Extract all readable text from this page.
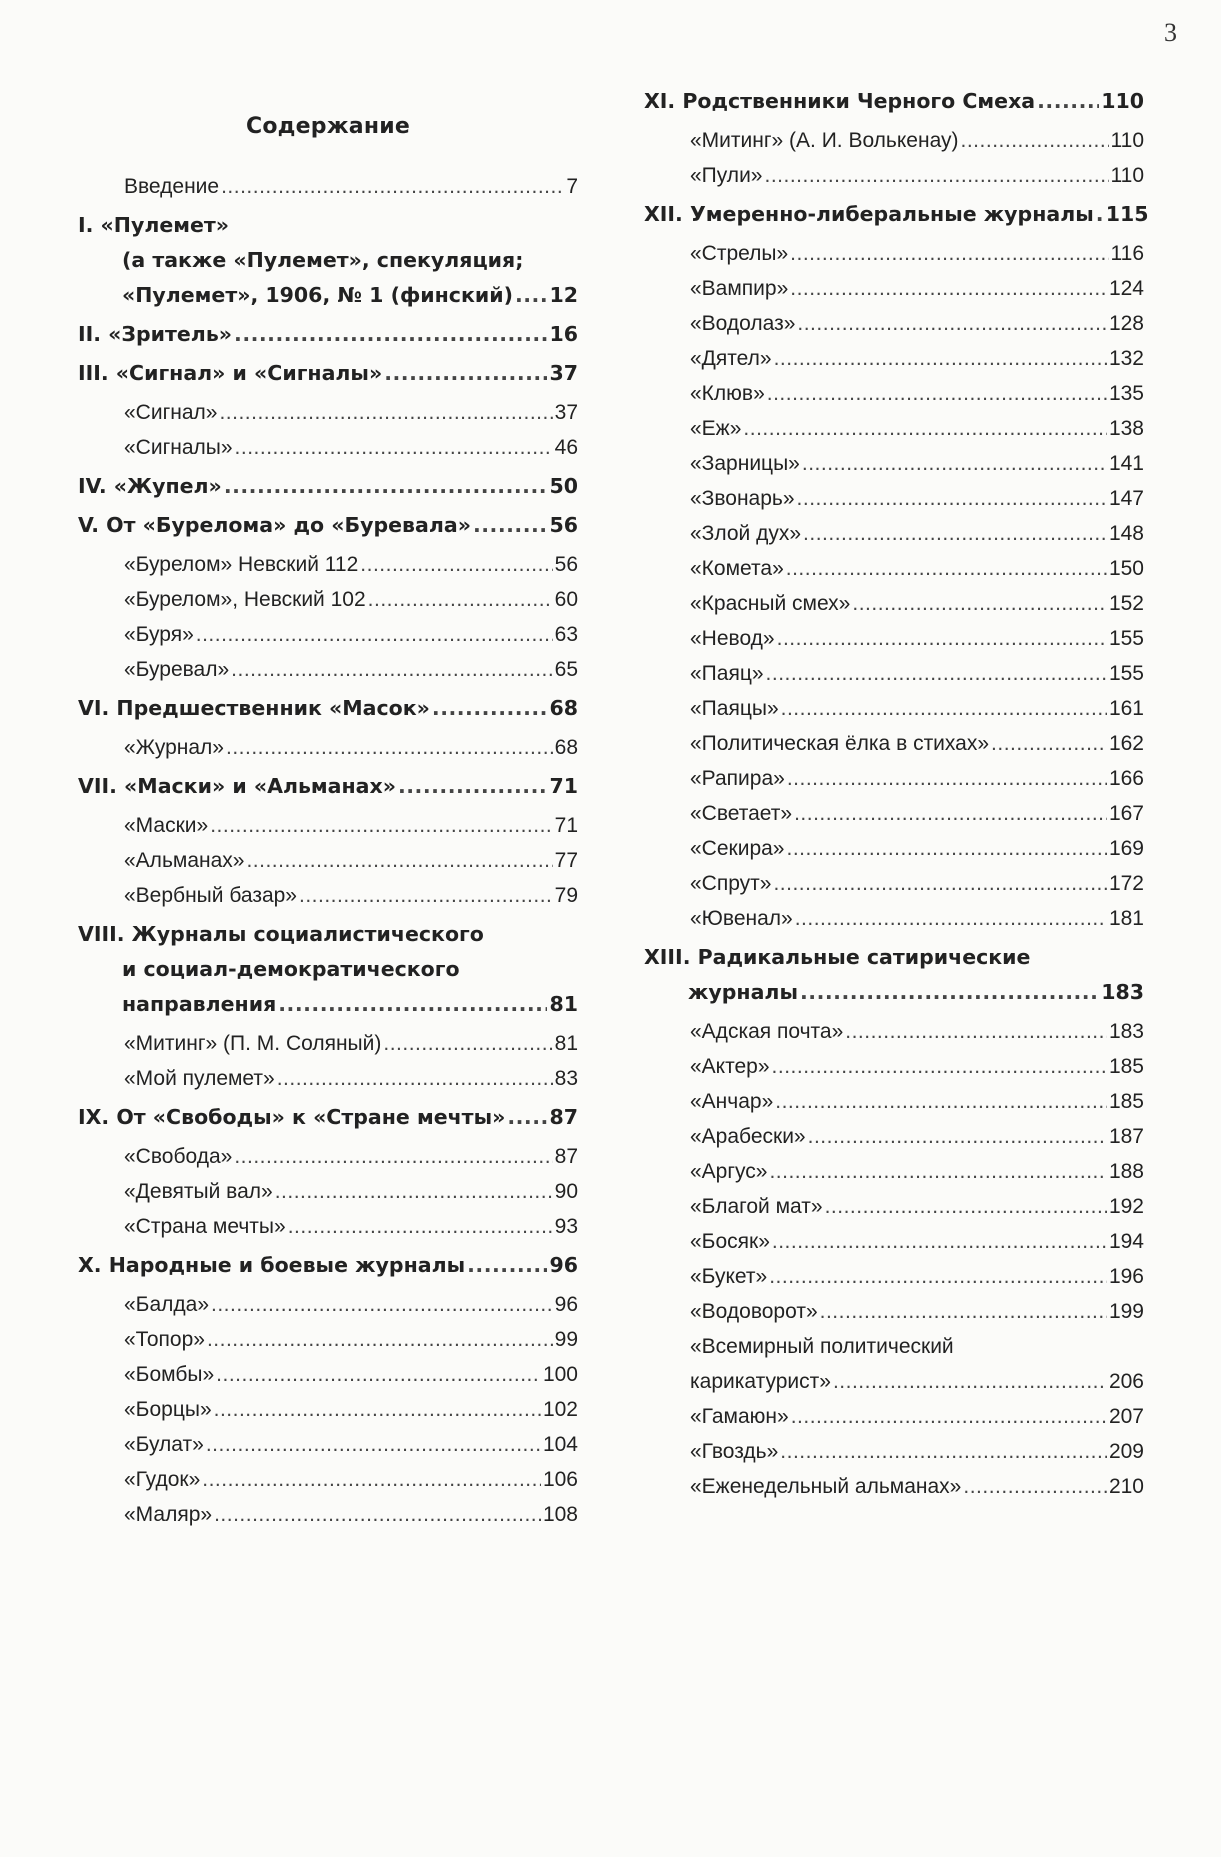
3
Содержание
Введение .....	7
I. «Пулемет»
(а также «Пулемет», спекуляция;
«Пулемет», 1906, № 1 (финский) ..... 12
II. «Зритель» .....	16
III. «Сигнал» и «Сигналы» .....	37
«Сигнал» .....	37
«Сигналы» .....	46
IV. «Жупел» .....	50
V. От «Бурелома» до «Буревала» .....	56
«Бурелом» Невский 112 .....	56
«Бурелом», Невский 102 .....	60
«Буря» .....	63
«Буревал» .....	65
VI. Предшественник «Масок» .....	68
«Журнал» .....	68
VII. «Маски» и «Альманах» .....	71
«Маски» .....	71
«Альманах» .....	77
«Вербный базар» .....	79
VIII. Журналы социалистического
и социал-демократического
направления .....	81
«Митинг» (П. М. Соляный) .....	81
«Мой пулемет» .....	83
IX. От «Свободы» к «Стране мечты» ..... 87
«Свобода» .....	87
«Девятый вал» .....	90
«Страна мечты» .....	93
X. Народные и боевые журналы .....	96
«Балда» .....	96
«Топор» .....	99
«Бомбы» .....	100
«Борцы» .....	102
«Булат» .....	104
«Гудок» .....	106
«Маляр» .....	108
XI. Родственники Черного Смеха .....	110
«Митинг» (А. И. Волькенау) .....	110
«Пули» .....	110
XII. Умеренно-либеральные журналы ..... 115
«Стрелы» .....	116
«Вампир» .....	124
«Водолаз» .....	128
«Дятел» .....	132
«Клюв» .....	135
«Еж» .....	138
«Зарницы» .....	141
«Звонарь» .....	147
«Злой дух» .....	148
«Комета» .....	150
«Красный смех» .....	152
«Невод» .....	155
«Паяц» .....	155
«Паяцы» .....	161
«Политическая ёлка в стихах» .....	162
«Рапира» .....	166
«Светает» .....	167
«Секира» .....	169
«Спрут» .....	172
«Ювенал» .....	181
XIII. Радикальные сатирические
журналы .....	183
«Адская почта» .....	183
«Актер» .....	185
«Анчар» .....	185
«Арабески» .....	187
«Аргус» .....	188
«Благой мат» .....	192
«Босяк» .....	194
«Букет» .....	196
«Водоворот» .....	199
«Всемирный политический
карикатурист» .....	206
«Гамаюн» .....	207
«Гвоздь» .....	209
«Еженедельный альманах» .....	210
